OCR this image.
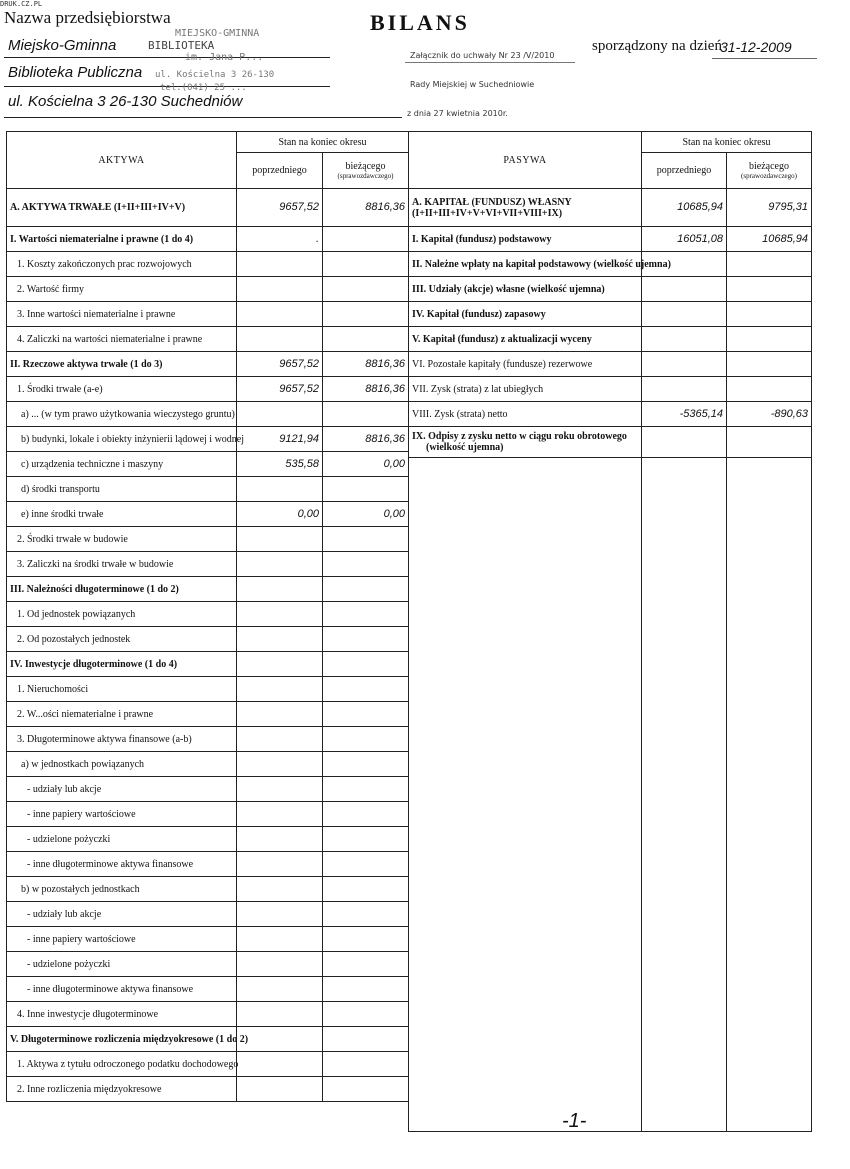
DRUK.CZ.PL
Nazwa przedsiębiorstwa
Miejsko-Gminna
Biblioteka Publiczna
ul. Kościelna 3 26-130 Suchedniów
MIEJSKO-GMINNA
BIBLIOTEKA
im. Jana P...
ul. Kościelna 3 26-130
tel.(041) 25 ...
BILANS
Załącznik do uchwały Nr 23 /V/2010
Rady Miejskiej w Suchedniowie
z dnia 27 kwietnia 2010r.
sporządzony na dzień
31-12-2009
AKTYWA	Stan na koniec okresu	
	poprzedniego	bieżącego
(sprawozdawczego)

A. AKTYWA TRWAŁE (I+II+III+IV+V)	9657,52	8816,36
I. Wartości niematerialne i prawne (1 do 4)	.	
1. Koszty zakończonych prac rozwojowych		
2. Wartość firmy		
3. Inne wartości niematerialne i prawne		
4. Zaliczki na wartości niematerialne i prawne		
II. Rzeczowe aktywa trwałe (1 do 3)	9657,52	8816,36
1. Środki trwałe (a-e)	9657,52	8816,36
a) ... (w tym prawo użytkowania wieczystego gruntu)		
b) budynki, lokale i obiekty inżynierii lądowej i wodnej	9121,94	8816,36
c) urządzenia techniczne i maszyny	535,58	0,00
d) środki transportu		
e) inne środki trwałe	0,00	0,00
2. Środki trwałe w budowie		
3. Zaliczki na środki trwałe w budowie		
III. Należności długoterminowe (1 do 2)		
1. Od jednostek powiązanych		
2. Od pozostałych jednostek		
IV. Inwestycje długoterminowe (1 do 4)		
1. Nieruchomości		
2. W...ości niematerialne i prawne		
3. Długoterminowe aktywa finansowe (a-b)		
a) w jednostkach powiązanych		
- udziały lub akcje		
- inne papiery wartościowe		
- udzielone pożyczki		
- inne długoterminowe aktywa finansowe		
b) w pozostałych jednostkach		
- udziały lub akcje		
- inne papiery wartościowe		
- udzielone pożyczki		
- inne długoterminowe aktywa finansowe		
4. Inne inwestycje długoterminowe		
V. Długoterminowe rozliczenia międzyokresowe (1 do 2)		
1. Aktywa z tytułu odroczonego podatku dochodowego		
2. Inne rozliczenia międzyokresowe		
PASYWA	Stan na koniec okresu	
	poprzedniego	bieżącego
(sprawozdawczego)

A. KAPITAŁ (FUNDUSZ) WŁASNY
(I+II+III+IV+V+VI+VII+VIII+IX)	10685,94	9795,31
I. Kapitał (fundusz) podstawowy	16051,08	10685,94
II. Należne wpłaty na kapitał podstawowy (wielkość ujemna)		
III. Udziały (akcje) własne (wielkość ujemna)		
IV. Kapitał (fundusz) zapasowy		
V. Kapitał (fundusz) z aktualizacji wyceny		
VI. Pozostałe kapitały (fundusze) rezerwowe		
VII. Zysk (strata) z lat ubiegłych		
VIII. Zysk (strata) netto	-5365,14	-890,63

IX. Odpisy z zysku netto w ciągu roku obrotowego
(wielkość ujemna)		

-1-
